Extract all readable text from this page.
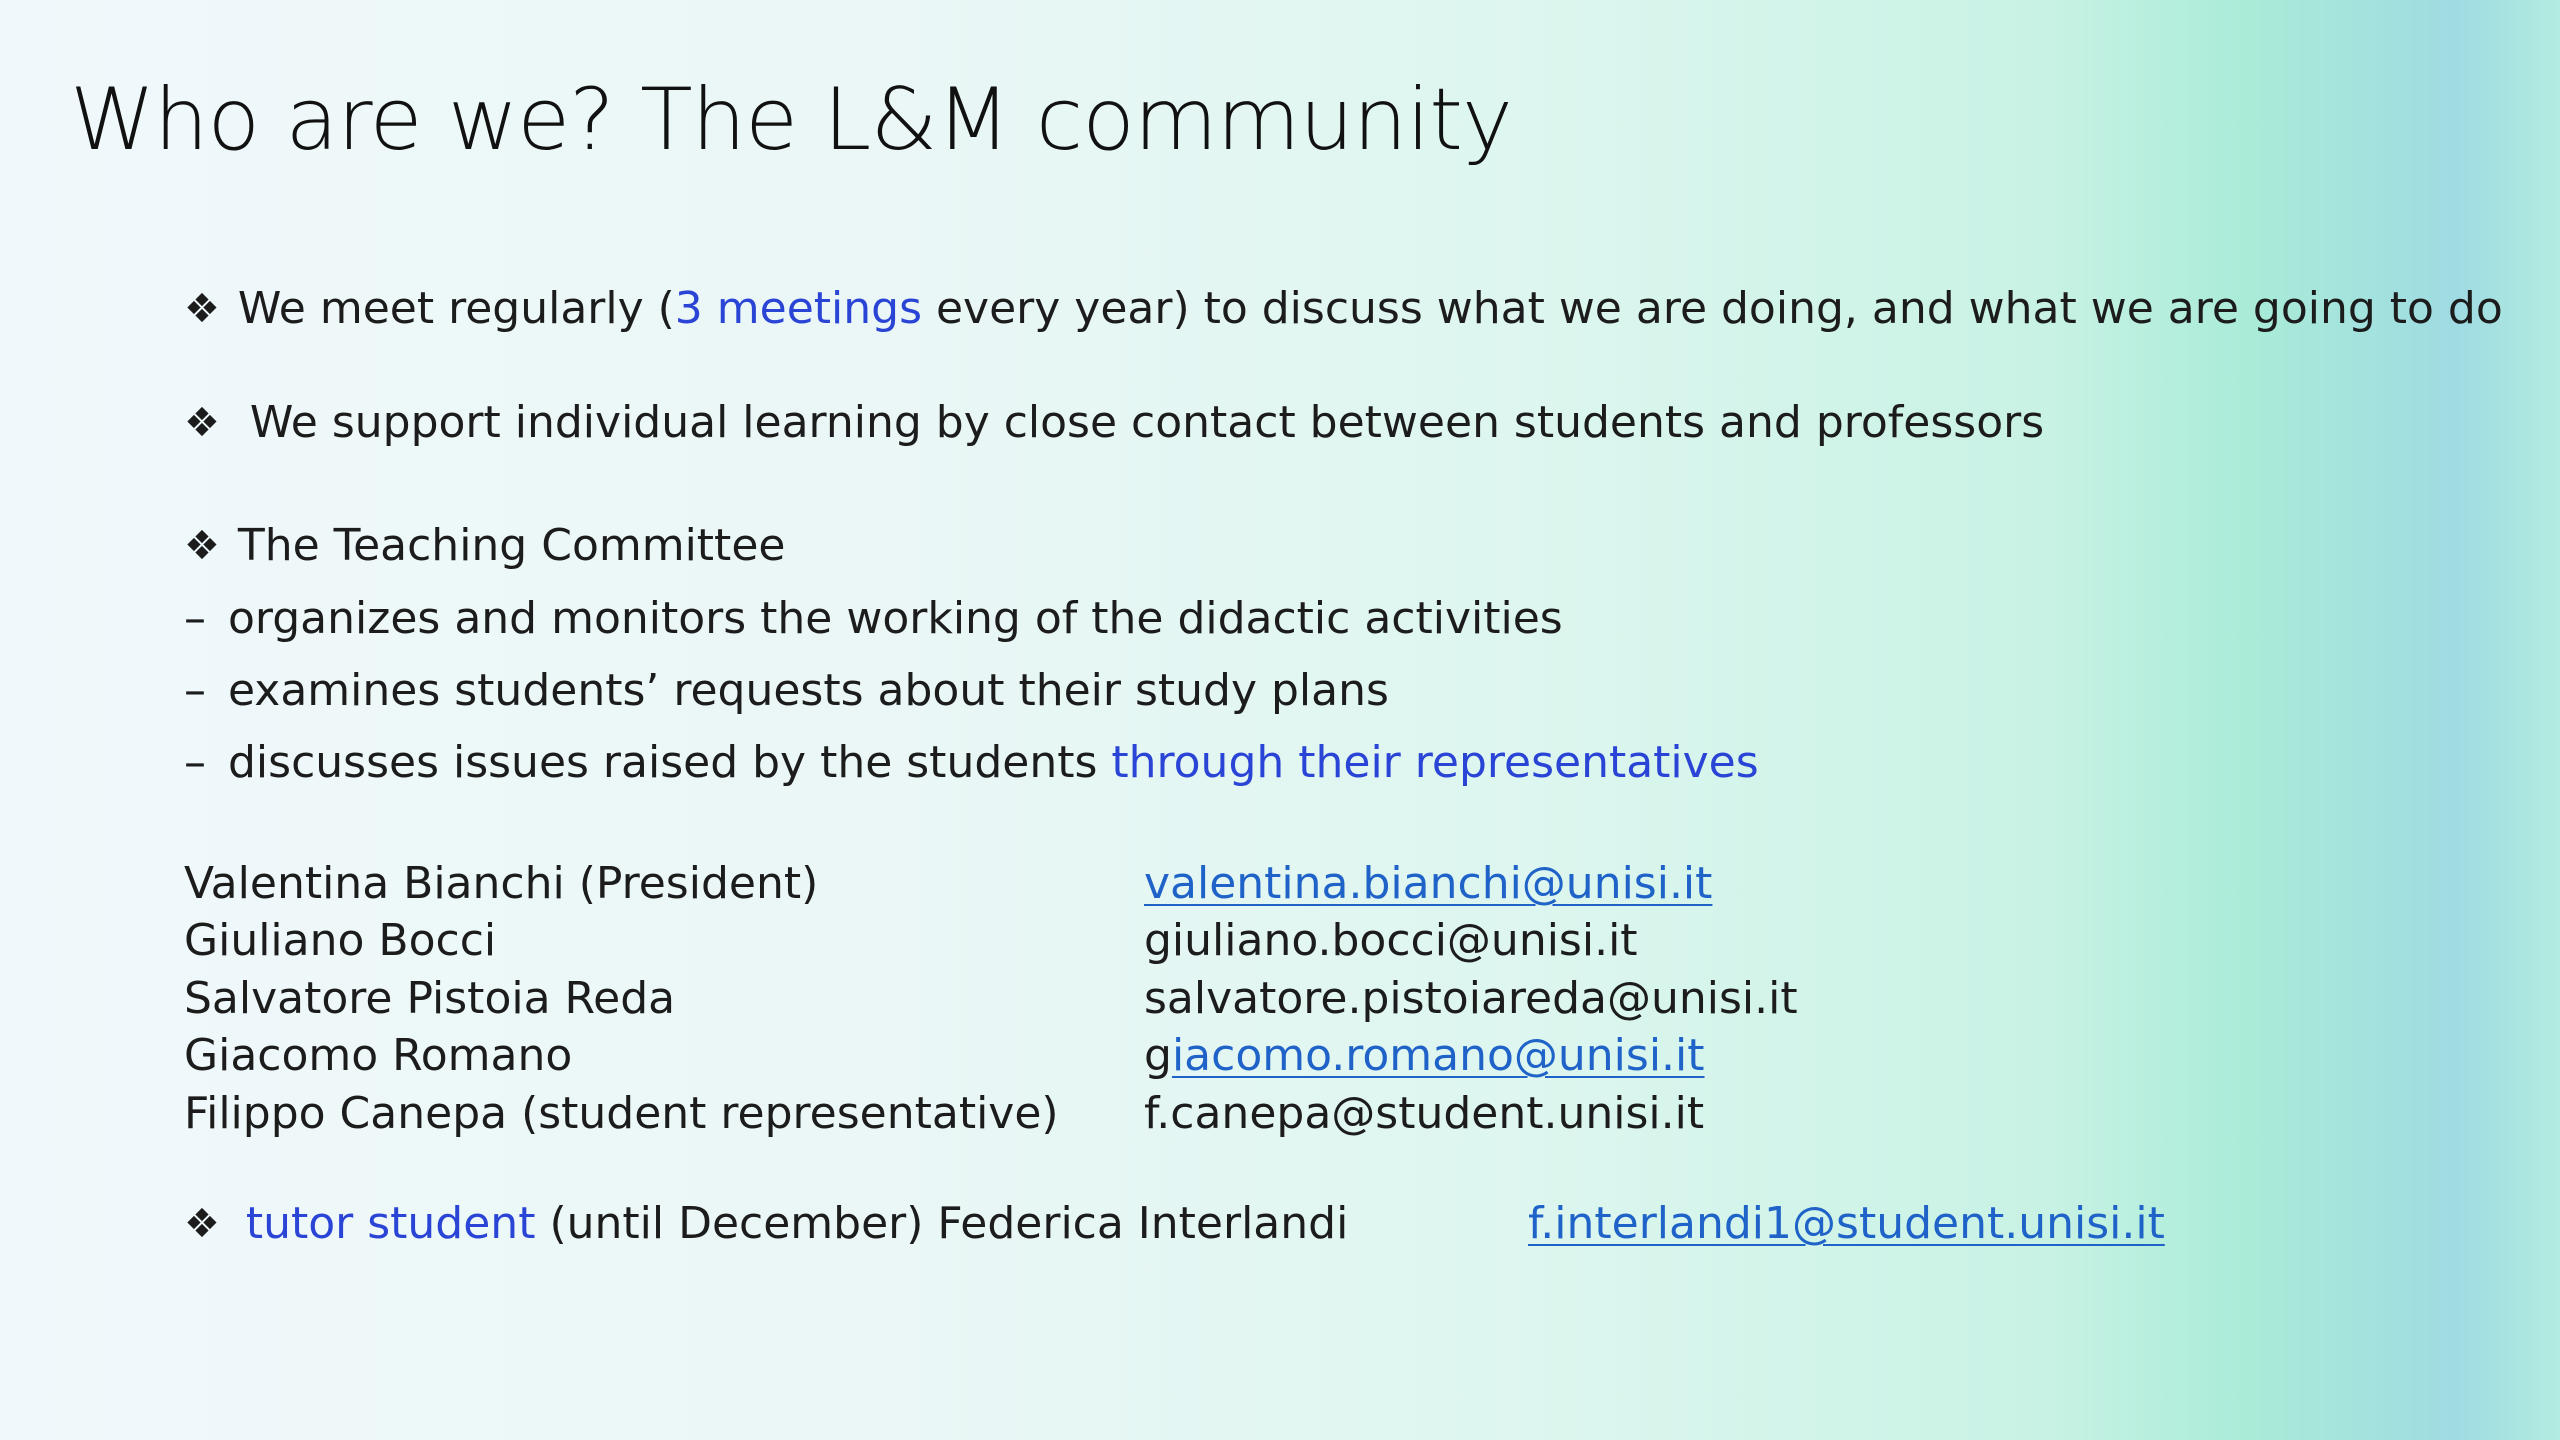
Who are we? The L&M community
❖ We meet regularly (3 meetings every year) to discuss what we are doing, and what we are going to do
❖ We support individual learning by close contact between students and professors
❖ The Teaching Committee
– organizes and monitors the working of the didactic activities
– examines students’ requests about their study plans
– discusses issues raised by the students through their representatives
Valentina Bianchi (President)	valentina.bianchi@unisi.it
Giuliano Bocci	giuliano.bocci@unisi.it
Salvatore Pistoia Reda	salvatore.pistoiareda@unisi.it
Giacomo Romano	giacomo.romano@unisi.it
Filippo Canepa (student representative) f.canepa@student.unisi.it
❖ tutor student (until December) Federica Interlandi	f.interlandi1@student.unisi.it
